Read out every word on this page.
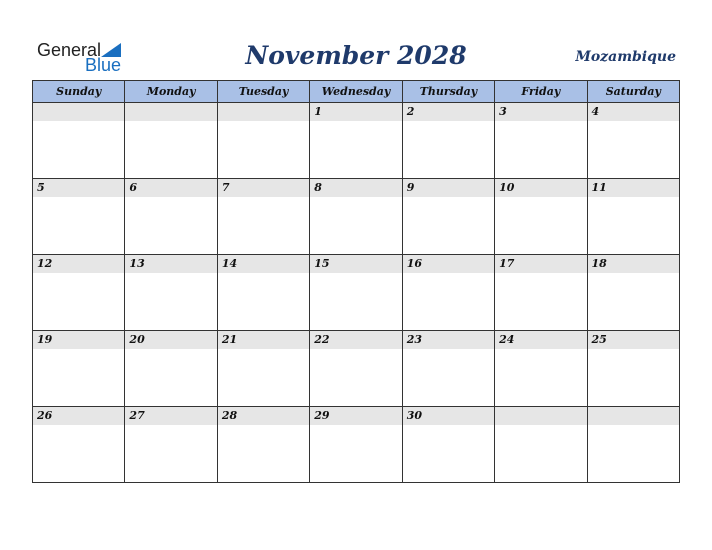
General
Blue	November 2028	Mozambique
Sunday	Monday	Tuesday	Wednesday	Thursday	Friday	Saturday

			1	2	3	4

5	6	7	8	9	10	11

12	13	14	15	16	17	18

19	20	21	22	23	24	25

26	27	28	29	30		
